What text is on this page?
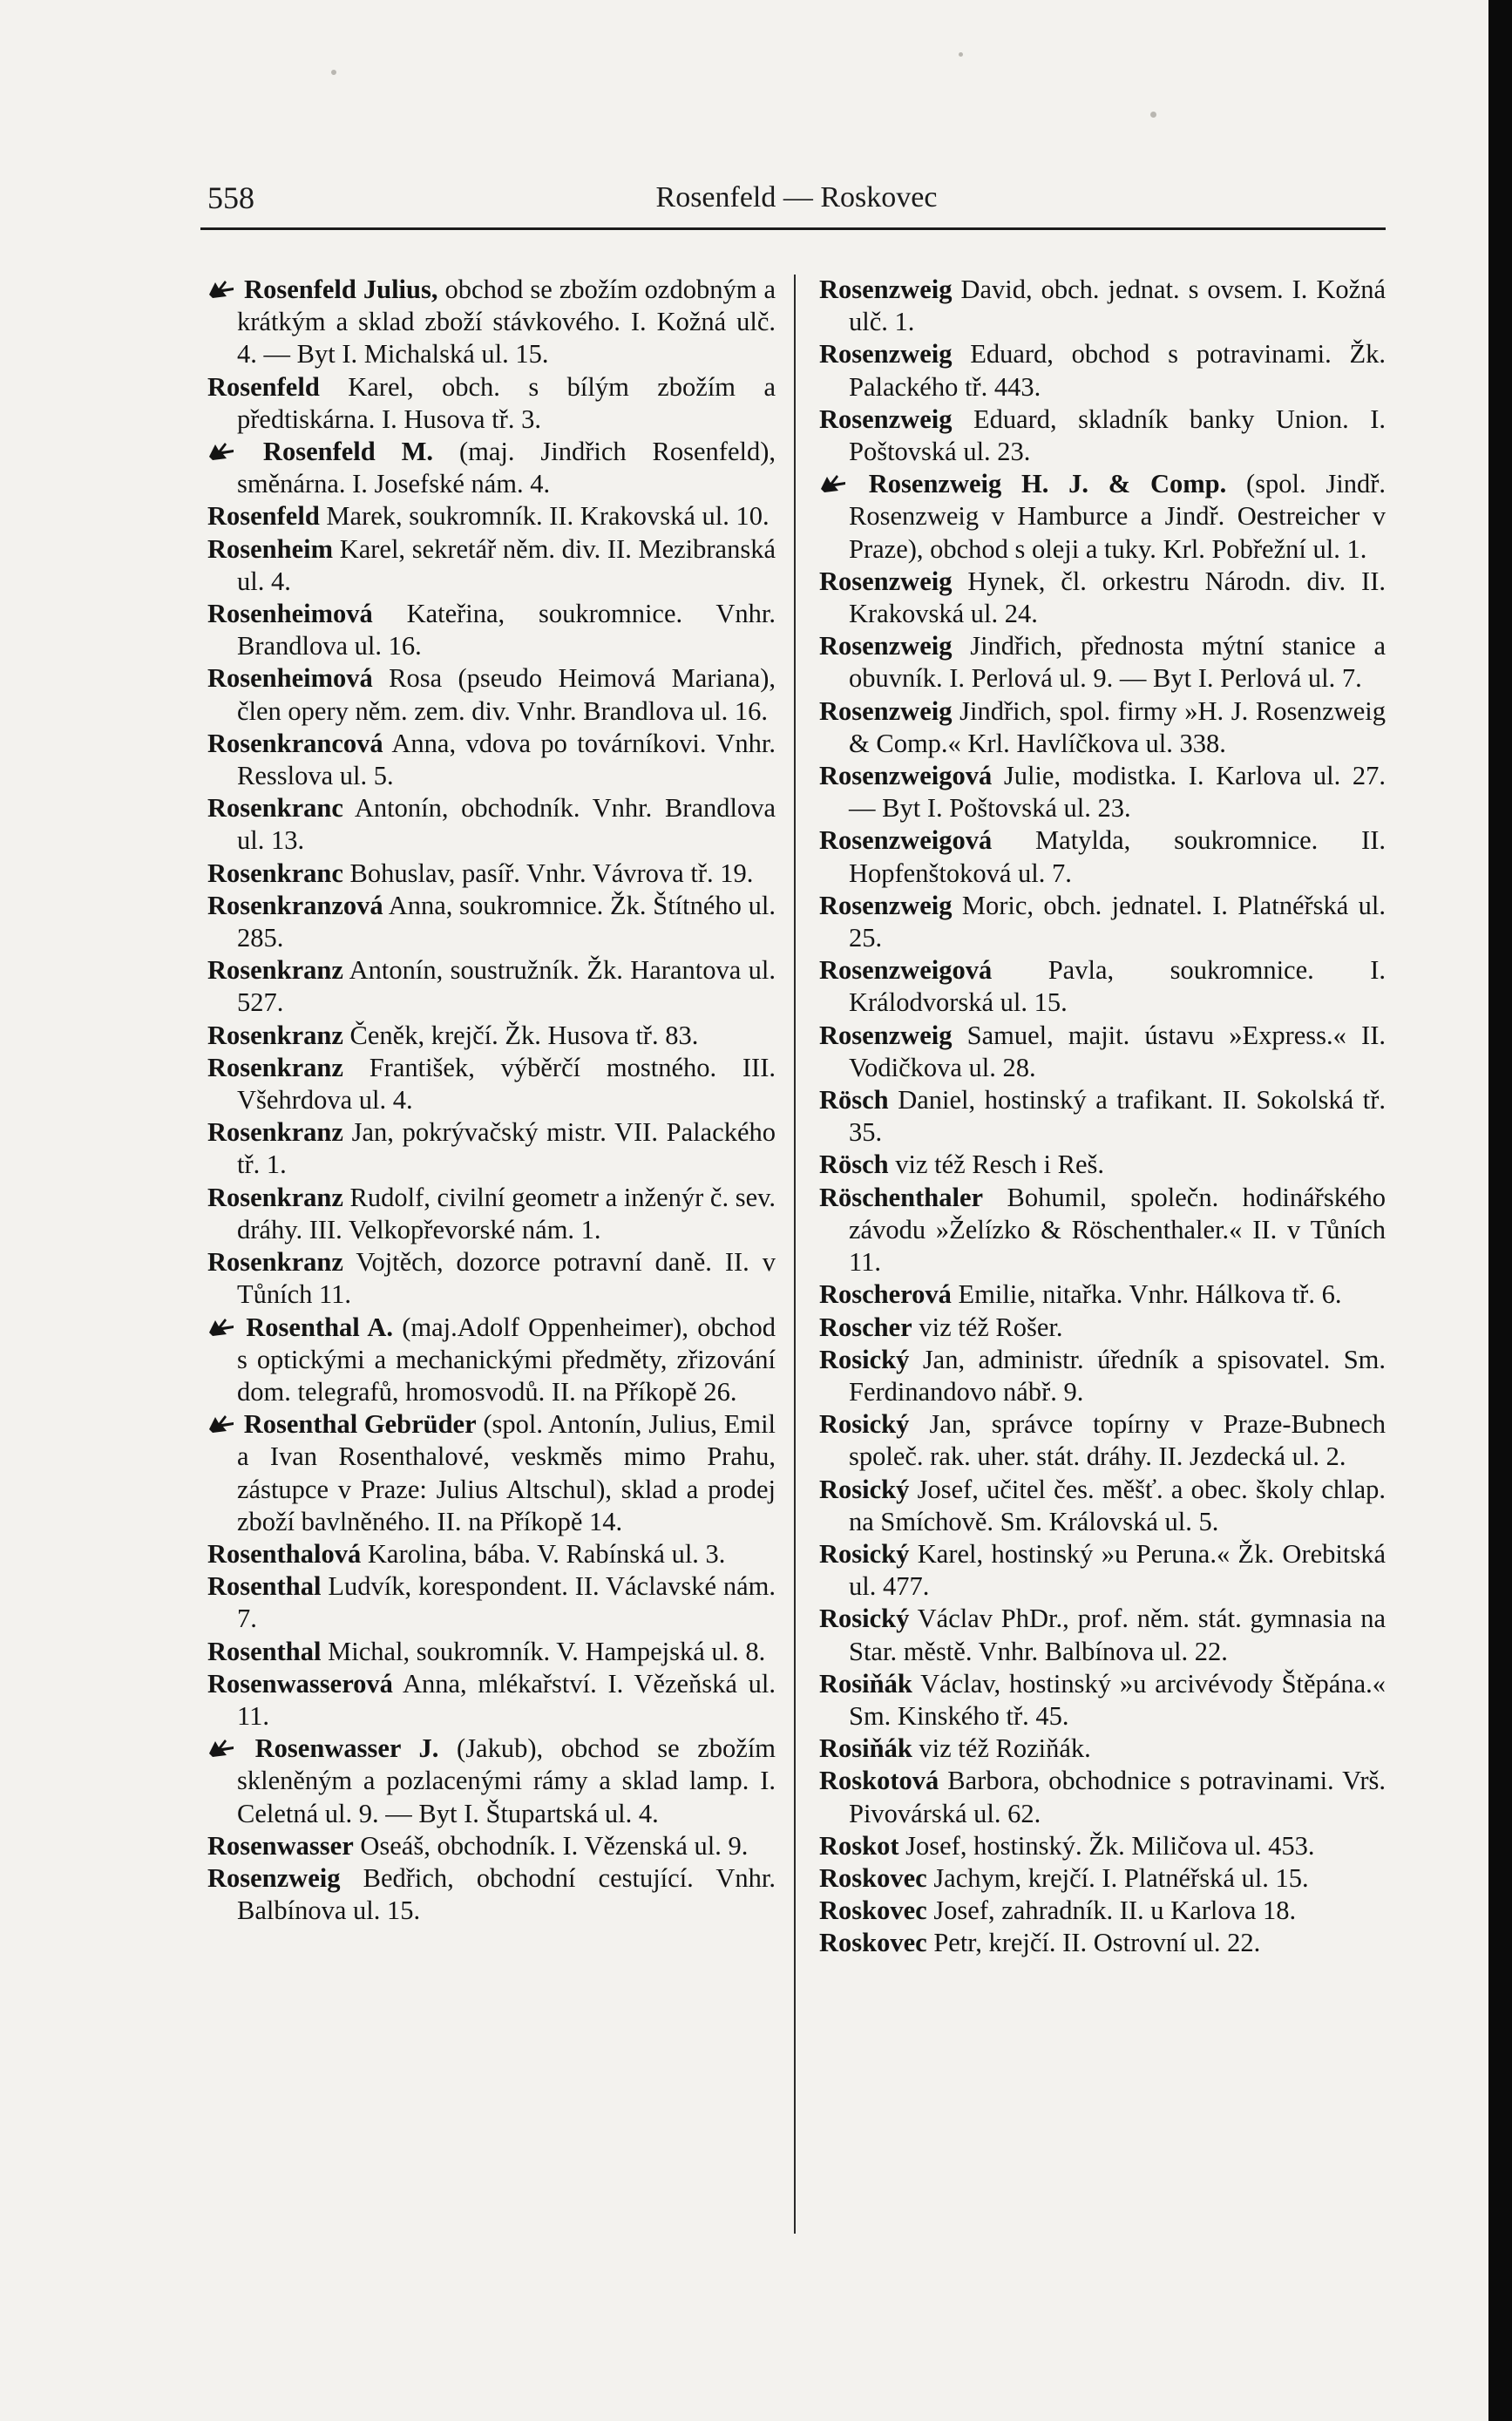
558	Rosenfeld — Roskovec

Rosenfeld Julius, obchod se zbožím ozdobným a krátkým a sklad zboží stávkového. I. Kožná ulč. 4. — Byt I. Michalská ul. 15.

Rosenfeld Karel, obch. s bílým zbožím a předtiskárna. I. Husova tř. 3.

Rosenfeld M. (maj. Jindřich Rosenfeld), směnárna. I. Josefské nám. 4.

Rosenfeld Marek, soukromník. II. Krakovská ul. 10.

Rosenheim Karel, sekretář něm. div. II. Mezibranská ul. 4.

Rosenheimová Kateřina, soukromnice. Vnhr. Brandlova ul. 16.

Rosenheimová Rosa (pseudo Heimová Mariana), člen opery něm. zem. div. Vnhr. Brandlova ul. 16.

Rosenkrancová Anna, vdova po továrníkovi. Vnhr. Resslova ul. 5.

Rosenkranc Antonín, obchodník. Vnhr. Brandlova ul. 13.

Rosenkranc Bohuslav, pasíř. Vnhr. Vávrova tř. 19.

Rosenkranzová Anna, soukromnice. Žk. Štítného ul. 285.

Rosenkranz Antonín, soustružník. Žk. Harantova ul. 527.

Rosenkranz Čeněk, krejčí. Žk. Husova tř. 83.

Rosenkranz František, výběrčí mostného. III. Všehrdova ul. 4.

Rosenkranz Jan, pokrývačský mistr. VII. Palackého tř. 1.

Rosenkranz Rudolf, civilní geometr a inženýr č. sev. dráhy. III. Velkopřevorské nám. 1.

Rosenkranz Vojtěch, dozorce potravní daně. II. v Tůních 11.

Rosenthal A. (maj.Adolf Oppenheimer), obchod s optickými a mechanickými předměty, zřizování dom. telegrafů, hromosvodů. II. na Příkopě 26.

Rosenthal Gebrüder (spol. Antonín, Julius, Emil a Ivan Rosenthalové, veskměs mimo Prahu, zástupce v Praze: Julius Altschul), sklad a prodej zboží bavlněného. II. na Příkopě 14.

Rosenthalová Karolina, bába. V. Rabínská ul. 3.

Rosenthal Ludvík, korespondent. II. Václavské nám. 7.

Rosenthal Michal, soukromník. V. Hampejská ul. 8.

Rosenwasserová Anna, mlékařství. I. Vězeňská ul. 11.

Rosenwasser J. (Jakub), obchod se zbožím skleněným a pozlacenými rámy a sklad lamp. I. Celetná ul. 9. — Byt I. Štupartská ul. 4.

Rosenwasser Oseáš, obchodník. I. Vězenská ul. 9.

Rosenzweig Bedřich, obchodní cestující. Vnhr. Balbínova ul. 15.

Rosenzweig David, obch. jednat. s ovsem. I. Kožná ulč. 1.

Rosenzweig Eduard, obchod s potravinami. Žk. Palackého tř. 443.

Rosenzweig Eduard, skladník banky Union. I. Poštovská ul. 23.

Rosenzweig H. J. & Comp. (spol. Jindř. Rosenzweig v Hamburce a Jindř. Oestreicher v Praze), obchod s oleji a tuky. Krl. Pobřežní ul. 1.

Rosenzweig Hynek, čl. orkestru Národn. div. II. Krakovská ul. 24.

Rosenzweig Jindřich, přednosta mýtní stanice a obuvník. I. Perlová ul. 9. — Byt I. Perlová ul. 7.

Rosenzweig Jindřich, spol. firmy »H. J. Rosenzweig & Comp.« Krl. Havlíčkova ul. 338.

Rosenzweigová Julie, modistka. I. Karlova ul. 27. — Byt I. Poštovská ul. 23.

Rosenzweigová Matylda, soukromnice. II. Hopfenštoková ul. 7.

Rosenzweig Moric, obch. jednatel. I. Platnéřská ul. 25.

Rosenzweigová Pavla, soukromnice. I. Králodvorská ul. 15.

Rosenzweig Samuel, majit. ústavu »Express.« II. Vodičkova ul. 28.

Rösch Daniel, hostinský a trafikant. II. Sokolská tř. 35.

Rösch viz též Resch i Reš.

Röschenthaler Bohumil, společn. hodinářského závodu »Želízko & Röschenthaler.« II. v Tůních 11.

Roscherová Emilie, nitařka. Vnhr. Hálkova tř. 6.

Roscher viz též Rošer.

Rosický Jan, administr. úředník a spisovatel. Sm. Ferdinandovo nábř. 9.

Rosický Jan, správce topírny v Praze-Bubnech společ. rak. uher. stát. dráhy. II. Jezdecká ul. 2.

Rosický Josef, učitel čes. měšť. a obec. školy chlap. na Smíchově. Sm. Královská ul. 5.

Rosický Karel, hostinský »u Peruna.« Žk. Orebitská ul. 477.

Rosický Václav PhDr., prof. něm. stát. gymnasia na Star. městě. Vnhr. Balbínova ul. 22.

Rosiňák Václav, hostinský »u arcivévody Štěpána.« Sm. Kinského tř. 45.

Rosiňák viz též Roziňák.

Roskotová Barbora, obchodnice s potravinami. Vrš. Pivovárská ul. 62.

Roskot Josef, hostinský. Žk. Miličova ul. 453.

Roskovec Jachym, krejčí. I. Platnéřská ul. 15.

Roskovec Josef, zahradník. II. u Karlova 18.

Roskovec Petr, krejčí. II. Ostrovní ul. 22.
